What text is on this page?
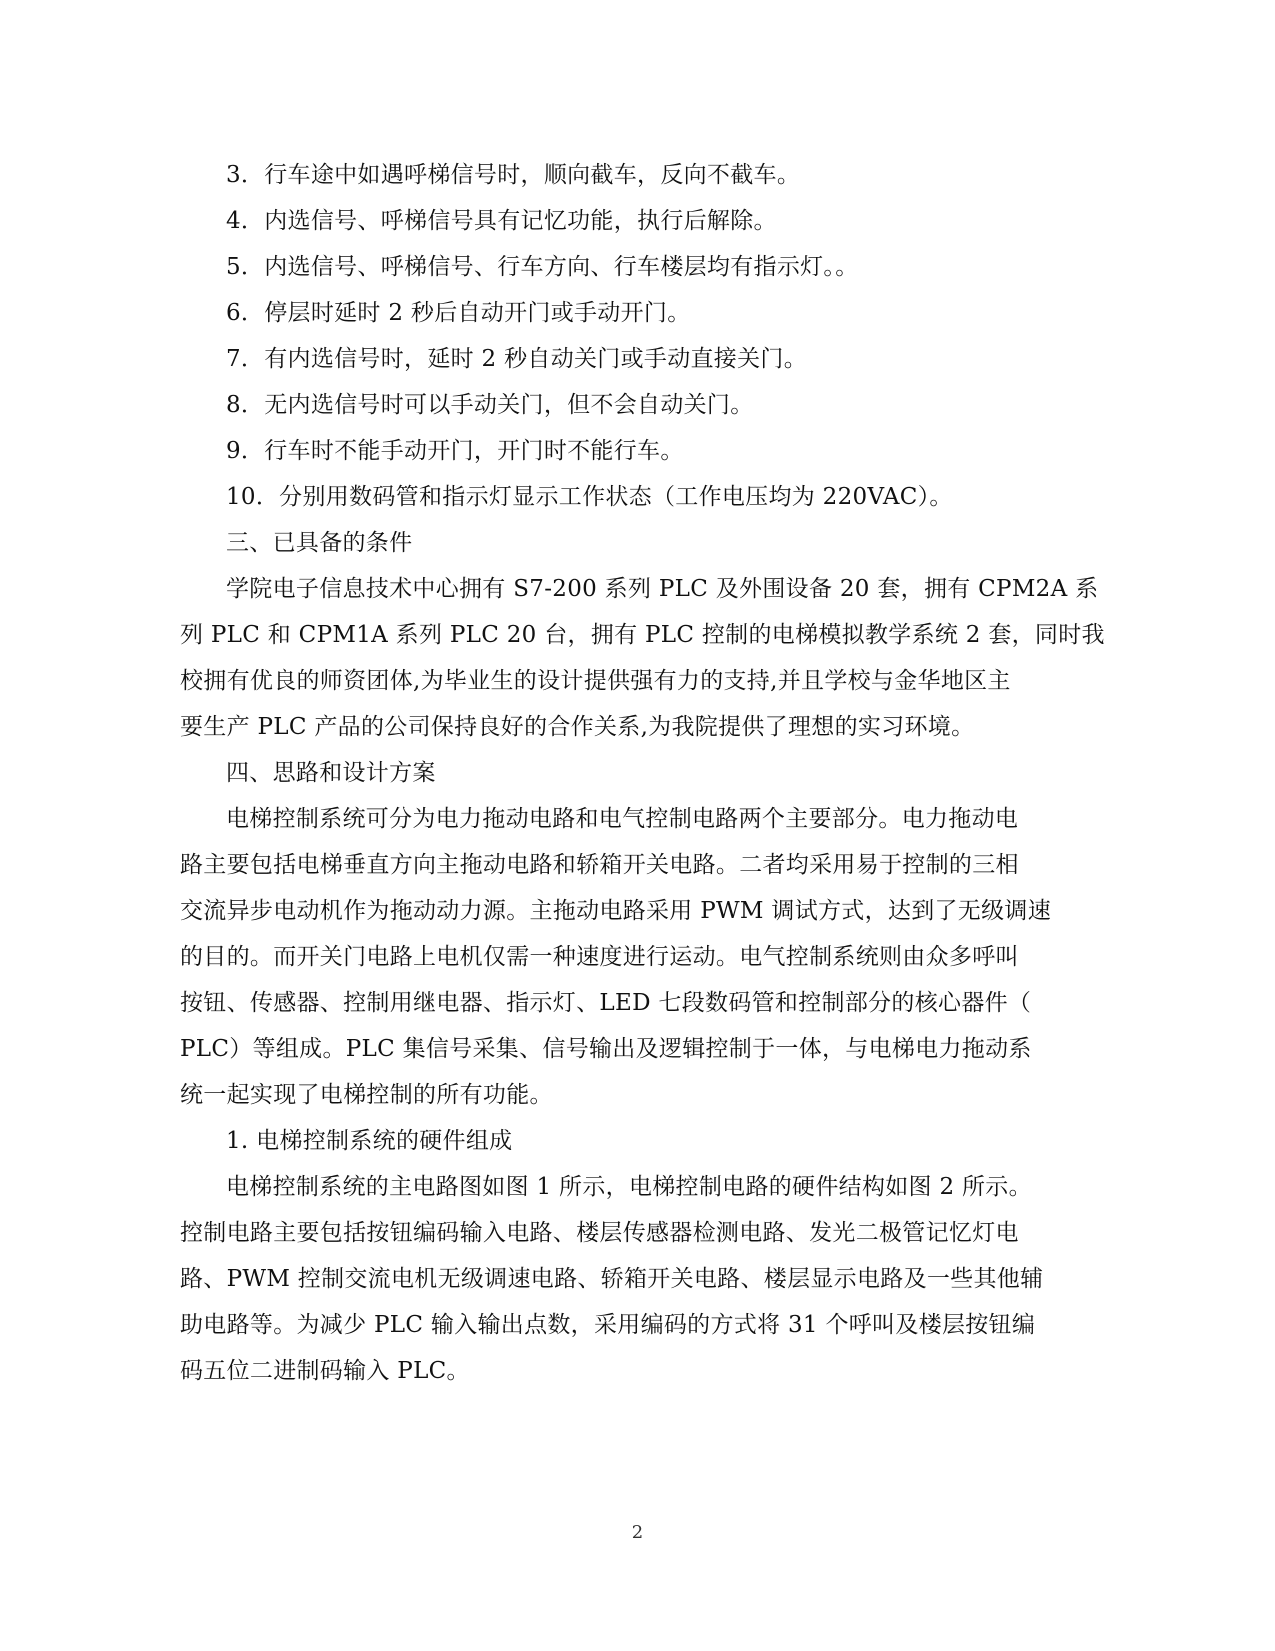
3．行车途中如遇呼梯信号时，顺向截车，反向不截车。
4．内选信号、呼梯信号具有记忆功能，执行后解除。
5．内选信号、呼梯信号、行车方向、行车楼层均有指示灯。。
6．停层时延时 2 秒后自动开门或手动开门。
7．有内选信号时，延时 2 秒自动关门或手动直接关门。
8．无内选信号时可以手动关门，但不会自动关门。
9．行车时不能手动开门，开门时不能行车。
10．分别用数码管和指示灯显示工作状态（工作电压均为 220VAC）。
三、已具备的条件
学院电子信息技术中心拥有 S7-200 系列 PLC 及外围设备 20 套，拥有 CPM2A 系
列 PLC 和 CPM1A 系列 PLC 20 台，拥有 PLC 控制的电梯模拟教学系统 2 套，同时我
校拥有优良的师资团体,为毕业生的设计提供强有力的支持,并且学校与金华地区主
要生产 PLC 产品的公司保持良好的合作关系,为我院提供了理想的实习环境。
四、思路和设计方案
电梯控制系统可分为电力拖动电路和电气控制电路两个主要部分。电力拖动电
路主要包括电梯垂直方向主拖动电路和轿箱开关电路。二者均采用易于控制的三相
交流异步电动机作为拖动动力源。主拖动电路采用 PWM 调试方式，达到了无级调速
的目的。而开关门电路上电机仅需一种速度进行运动。电气控制系统则由众多呼叫
按钮、传感器、控制用继电器、指示灯、LED 七段数码管和控制部分的核心器件（
PLC）等组成。PLC 集信号采集、信号输出及逻辑控制于一体，与电梯电力拖动系
统一起实现了电梯控制的所有功能。
1. 电梯控制系统的硬件组成
电梯控制系统的主电路图如图 1 所示，电梯控制电路的硬件结构如图 2 所示。
控制电路主要包括按钮编码输入电路、楼层传感器检测电路、发光二极管记忆灯电
路、PWM 控制交流电机无级调速电路、轿箱开关电路、楼层显示电路及一些其他辅
助电路等。为减少 PLC 输入输出点数，采用编码的方式将 31 个呼叫及楼层按钮编
码五位二进制码输入 PLC。
2
